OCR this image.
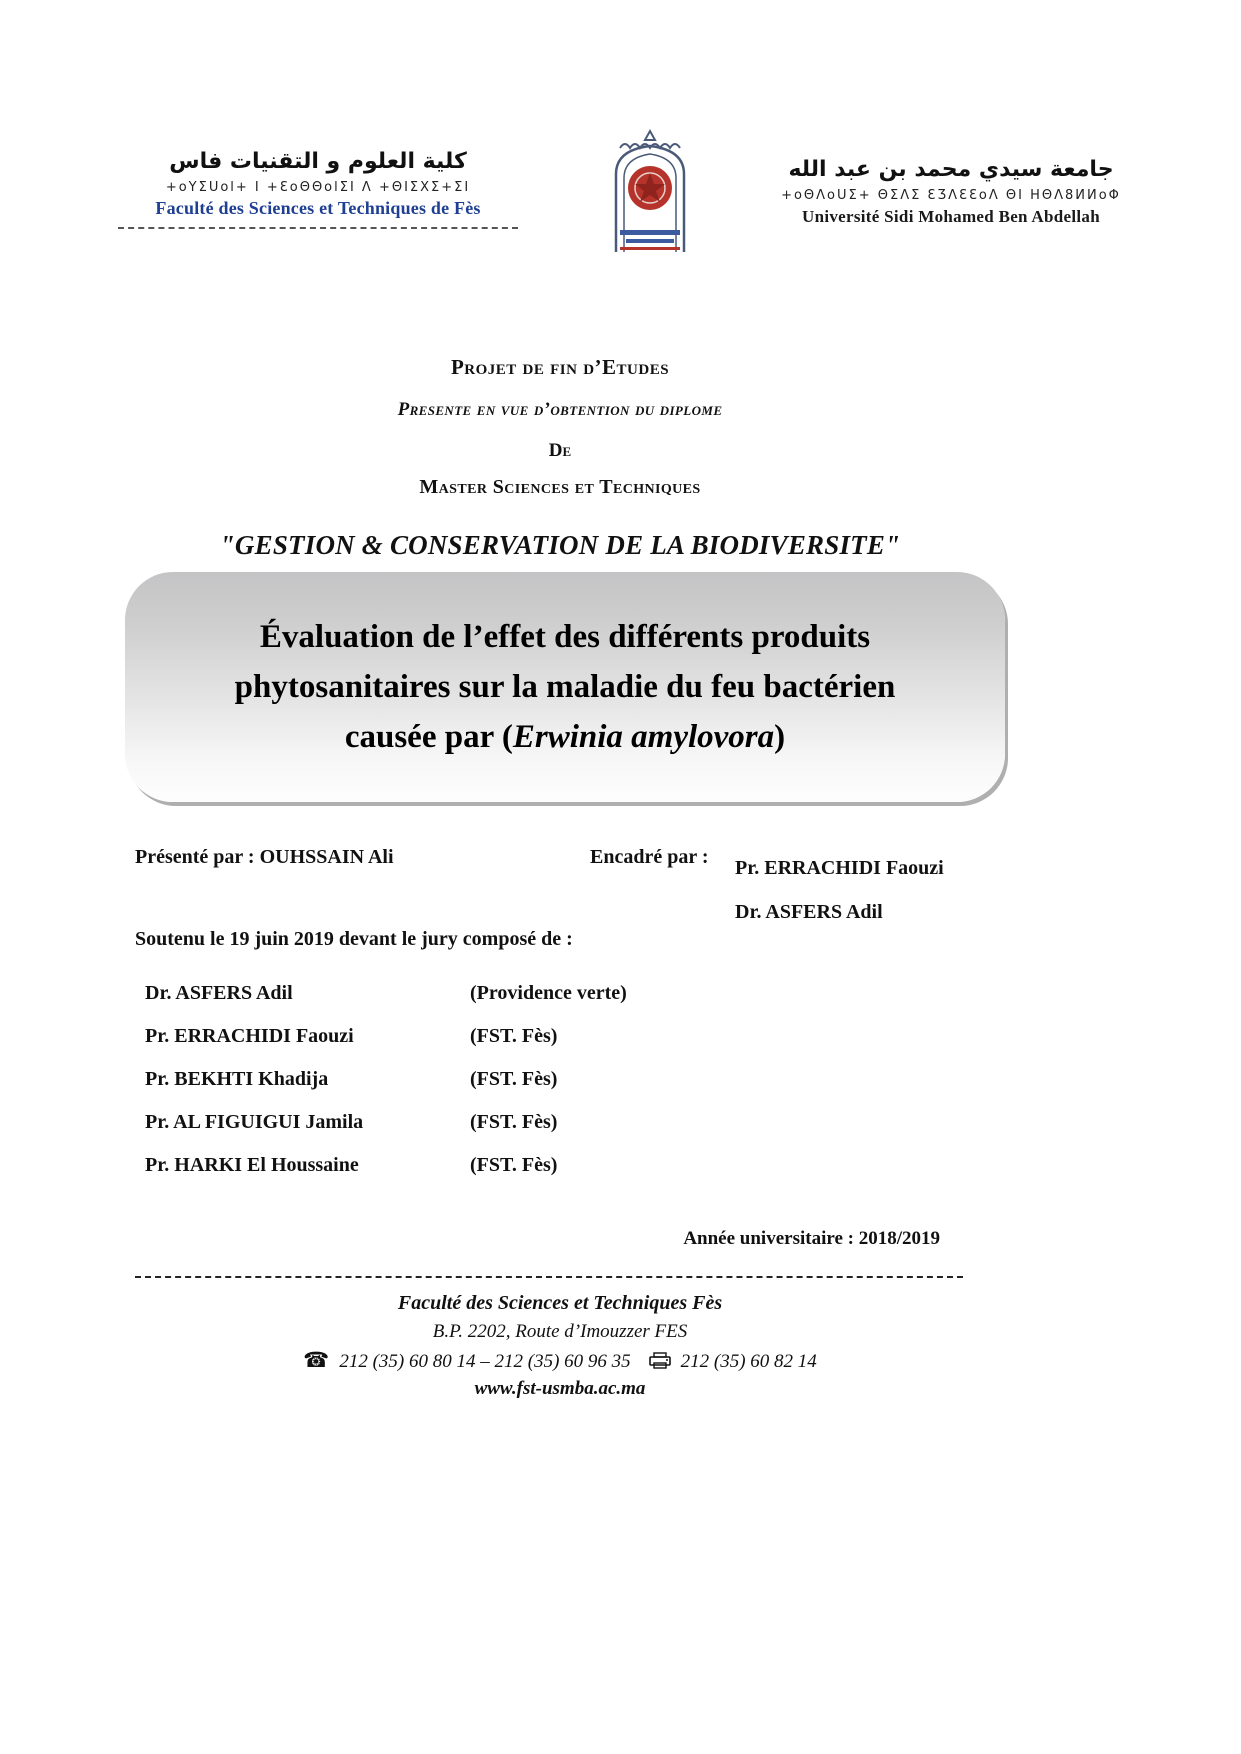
كلية العلوم و التقنيات فاس
+oYΣUol+ I +ƐoΘΘolΣI Λ +ΘIΣXΣ+ΣI
Faculté des Sciences et Techniques de Fès
جامعة سيدي محمد بن عبد الله
+oΘΛoUΣ+ ΘΣΛΣ ƐƷΛƐƐoΛ ΘI HΘΛ8ИИoΦ
Université Sidi Mohamed Ben Abdellah
Projet de fin d’Etudes
Presente en vue d’obtention du diplome
De
Master Sciences et Techniques
"GESTION & CONSERVATION DE LA BIODIVERSITE"
Évaluation de l’effet des différents produits
phytosanitaires sur la maladie du feu bactérien
causée par (Erwinia amylovora)
Présenté par : OUHSSAIN Ali	Encadré par : Pr. ERRACHIDI Faouzi
Dr. ASFERS Adil
Soutenu le 19 juin 2019 devant le jury composé de :
Dr. ASFERS Adil	(Providence verte)
Pr. ERRACHIDI Faouzi	(FST. Fès)
Pr. BEKHTI Khadija	(FST. Fès)
Pr. AL FIGUIGUI Jamila	(FST. Fès)
Pr. HARKI El Houssaine	(FST. Fès)
Année universitaire : 2018/2019
Faculté des Sciences et Techniques Fès
B.P. 2202, Route d’Imouzzer FES
☎ 212 (35) 60 80 14 – 212 (35) 60 96 35	212 (35) 60 82 14
www.fst-usmba.ac.ma
